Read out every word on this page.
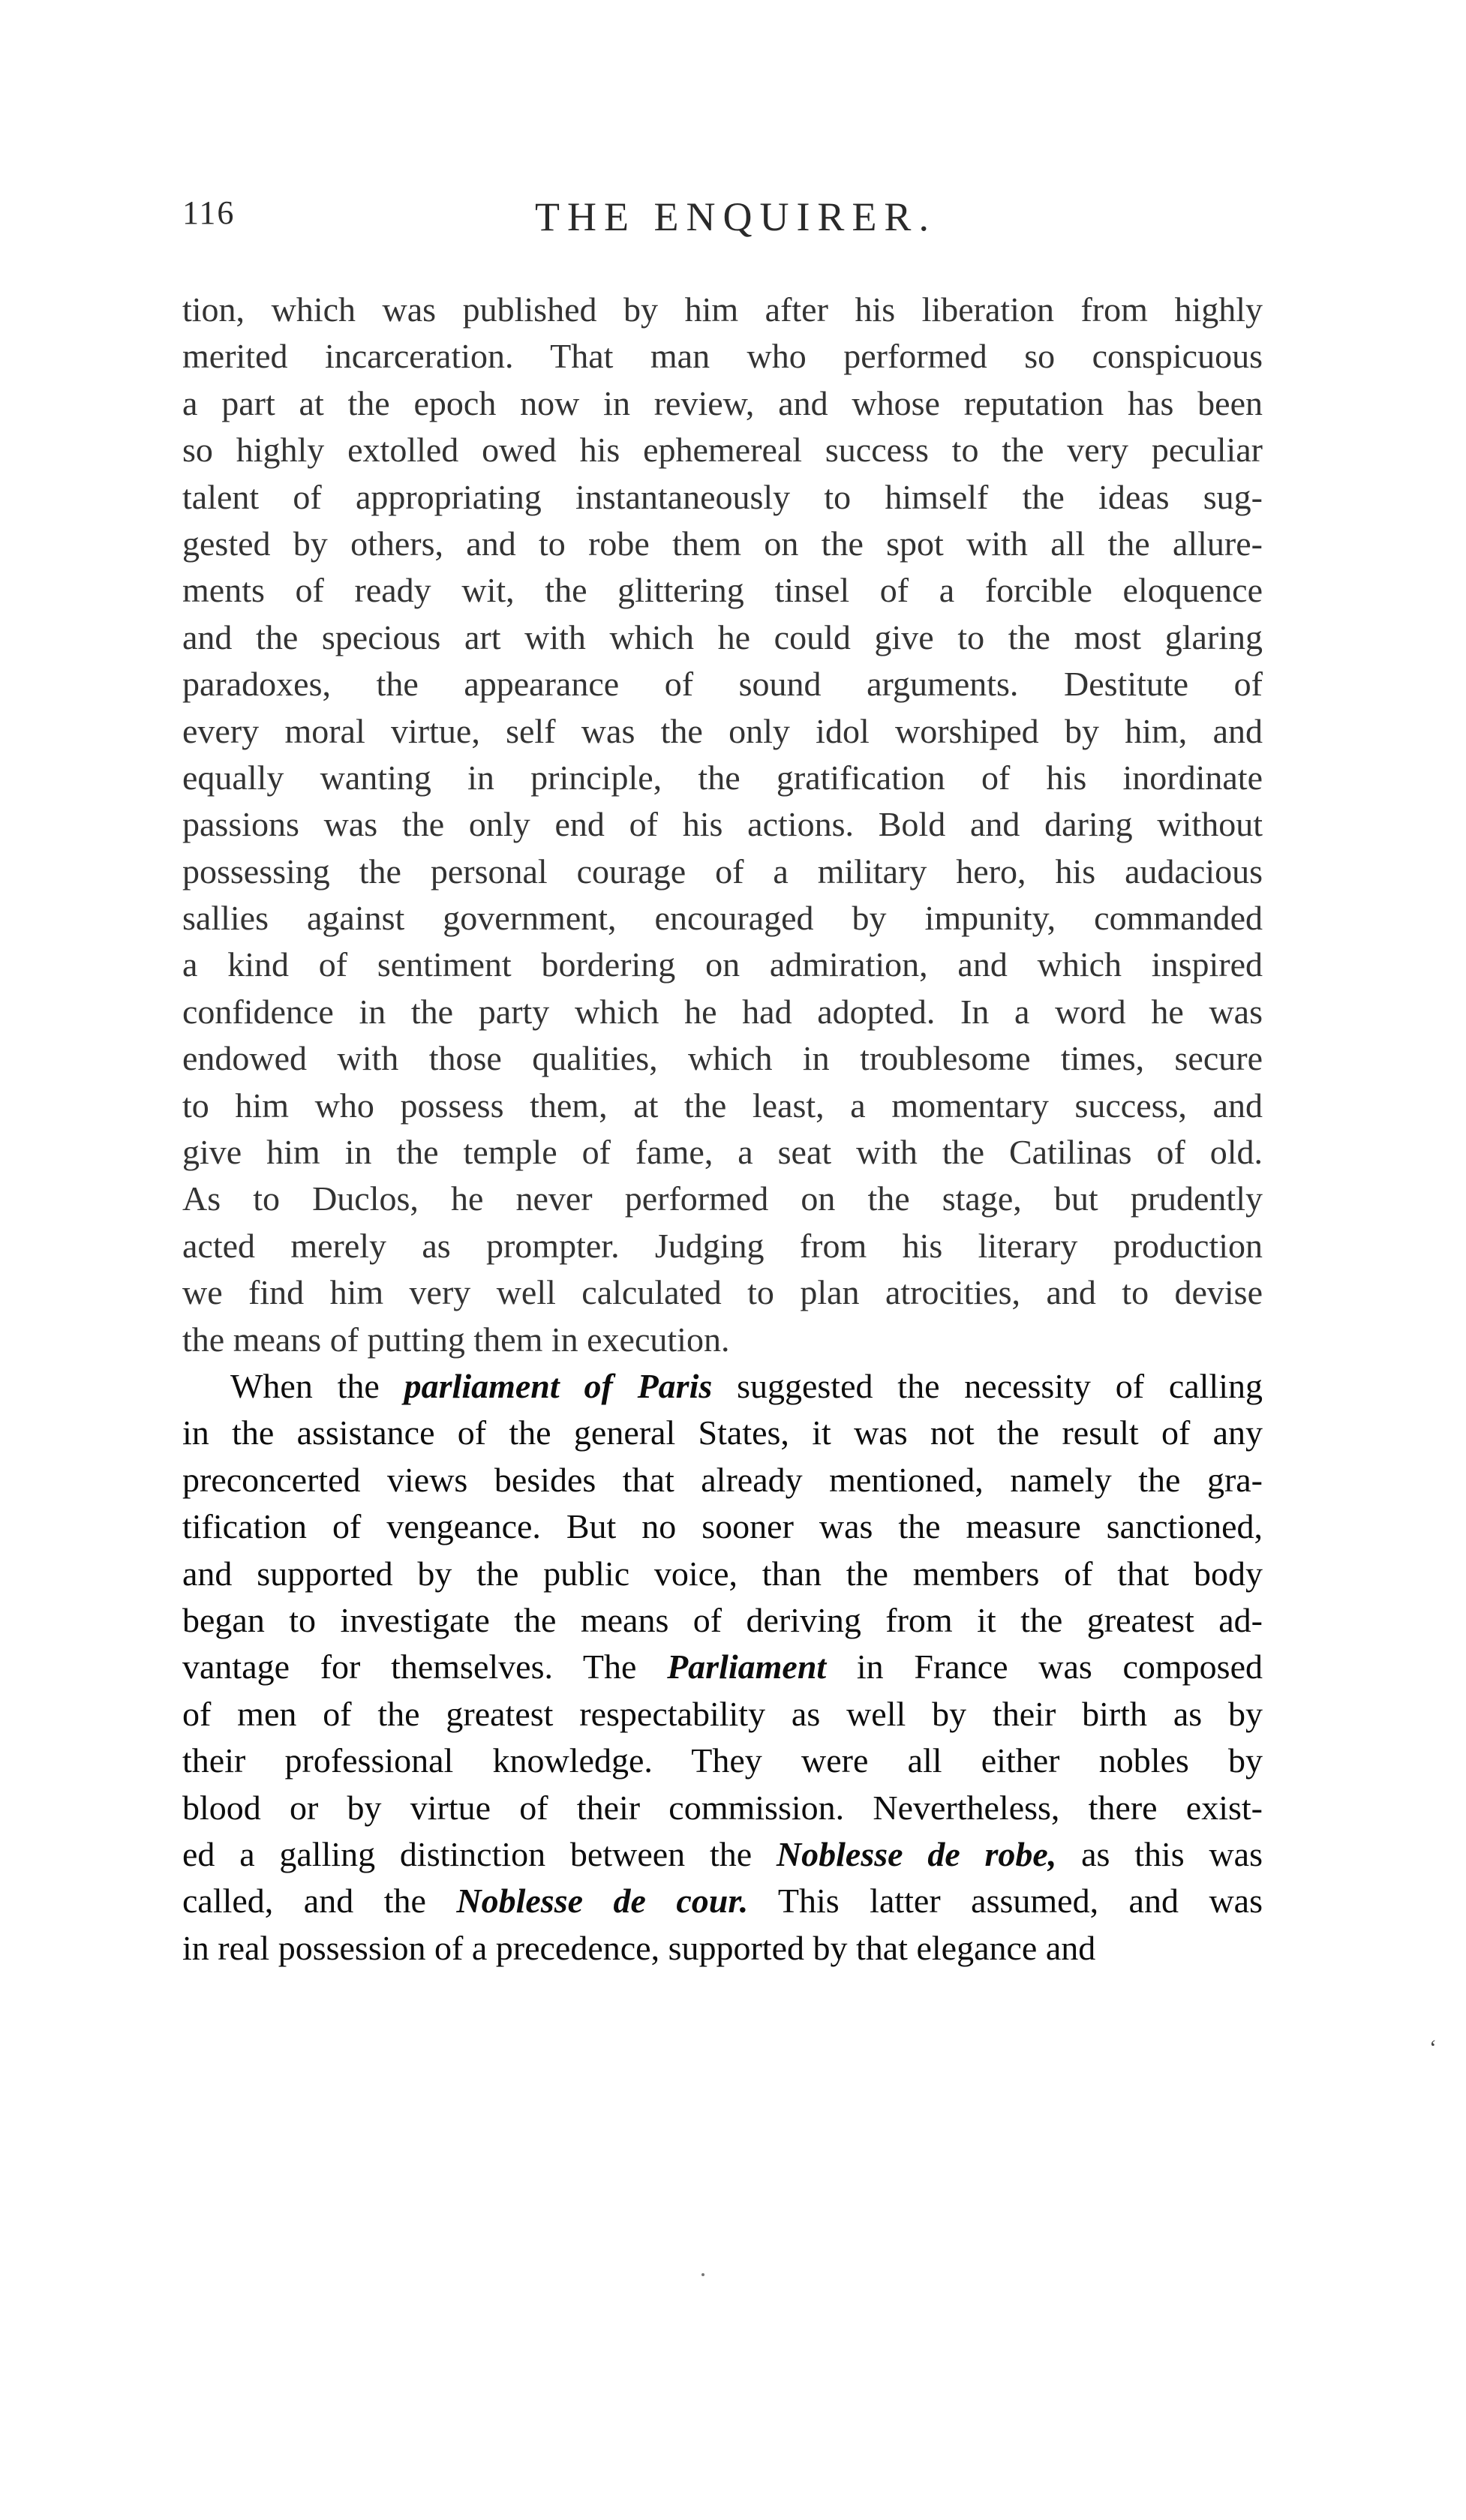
116	THE ENQUIRER.
tion, which was published by him after his liberation from highly
merited incarceration. That man who performed so conspicuous
a part at the epoch now in review, and whose reputation has been
so highly extolled owed his ephemereal success to the very peculiar
talent of appropriating instantaneously to himself the ideas sug-
gested by others, and to robe them on the spot with all the allure-
ments of ready wit, the glittering tinsel of a forcible eloquence
and the specious art with which he could give to the most glaring
paradoxes, the appearance of sound arguments. Destitute of
every moral virtue, self was the only idol worshiped by him, and
equally wanting in principle, the gratification of his inordinate
passions was the only end of his actions. Bold and daring without
possessing the personal courage of a military hero, his audacious
sallies against government, encouraged by impunity, commanded
a kind of sentiment bordering on admiration, and which inspired
confidence in the party which he had adopted. In a word he was
endowed with those qualities, which in troublesome times, secure
to him who possess them, at the least, a momentary success, and
give him in the temple of fame, a seat with the Catilinas of old.
As to Duclos, he never performed on the stage, but prudently
acted merely as prompter. Judging from his literary production
we find him very well calculated to plan atrocities, and to devise
the means of putting them in execution.
When the parliament of Paris suggested the necessity of calling
in the assistance of the general States, it was not the result of any
preconcerted views besides that already mentioned, namely the gra-
tification of vengeance. But no sooner was the measure sanctioned,
and supported by the public voice, than the members of that body
began to investigate the means of deriving from it the greatest ad-
vantage for themselves. The Parliament in France was composed
of men of the greatest respectability as well by their birth as by
their professional knowledge. They were all either nobles by
blood or by virtue of their commission. Nevertheless, there exist-
ed a galling distinction between the Noblesse de robe, as this was
called, and the Noblesse de cour. This latter assumed, and was
in real possession of a precedence, supported by that elegance and
‘
